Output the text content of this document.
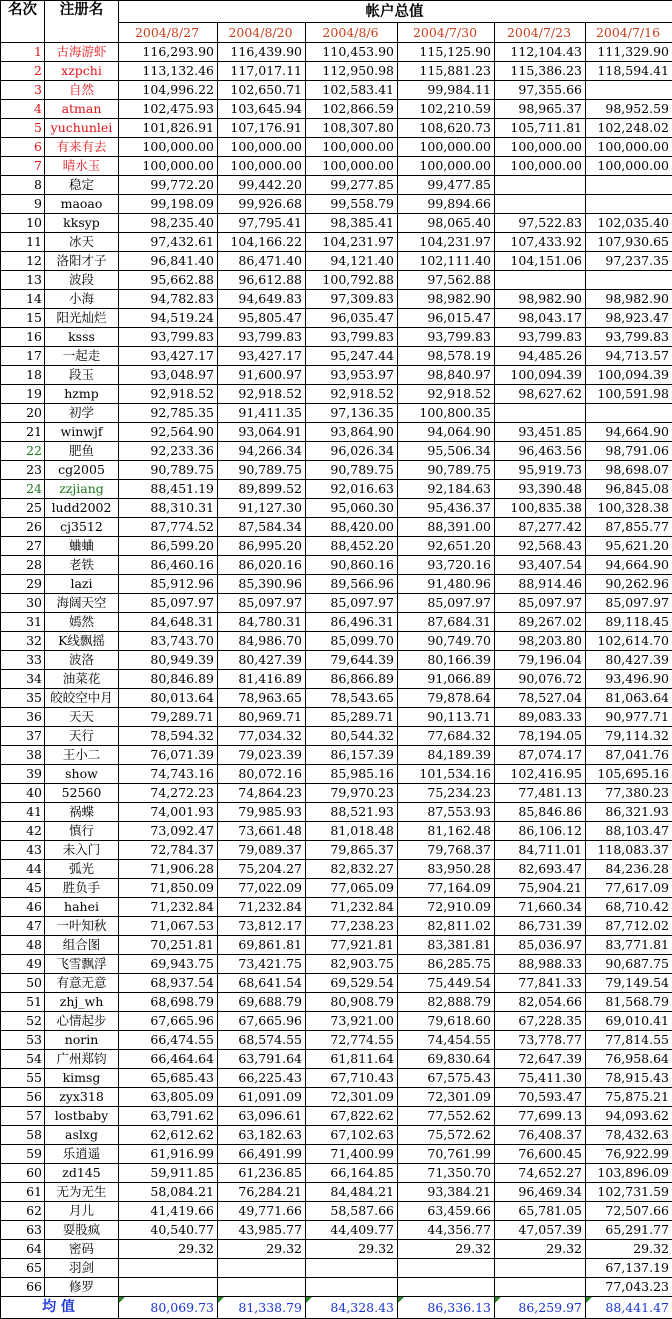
名次	注册名	帐户总值					
		2004/8/27	2004/8/20	2004/8/6	2004/7/30	2004/7/23	2004/7/16
1	古海游虾	116,293.90	116,439.90	110,453.90	115,125.90	112,104.43	111,329.90
2	xzpchi	113,132.46	117,017.11	112,950.98	115,881.23	115,386.23	118,594.41
3	自然	104,996.22	102,650.71	102,583.41	99,984.11	97,355.66	
4	atman	102,475.93	103,645.94	102,866.59	102,210.59	98,965.37	98,952.59
5	yuchunlei	101,826.91	107,176.91	108,307.80	108,620.73	105,711.81	102,248.02
6	有来有去	100,000.00	100,000.00	100,000.00	100,000.00	100,000.00	100,000.00
7	晴水玉	100,000.00	100,000.00	100,000.00	100,000.00	100,000.00	100,000.00
8	稳定	99,772.20	99,442.20	99,277.85	99,477.85		
9	maoao	99,198.09	99,926.68	99,558.79	99,894.66		
10	kksyp	98,235.40	97,795.41	98,385.41	98,065.40	97,522.83	102,035.40
11	冰天	97,432.61	104,166.22	104,231.97	104,231.97	107,433.92	107,930.65
12	洛阳才子	96,841.40	86,471.40	94,121.40	102,111.40	104,151.06	97,237.35
13	波段	95,662.88	96,612.88	100,792.88	97,562.88		
14	小海	94,782.83	94,649.83	97,309.83	98,982.90	98,982.90	98,982.90
15	阳光灿烂	94,519.24	95,805.47	96,035.47	96,015.47	98,043.17	98,923.47
16	ksss	93,799.83	93,799.83	93,799.83	93,799.83	93,799.83	93,799.83
17	一起走	93,427.17	93,427.17	95,247.44	98,578.19	94,485.26	94,713.57
18	段玉	93,048.97	91,600.97	93,953.97	98,840.97	100,094.39	100,094.39
19	hzmp	92,918.52	92,918.52	92,918.52	92,918.52	98,627.62	100,591.98
20	初学	92,785.35	91,411.35	97,136.35	100,800.35		
21	winwjf	92,564.90	93,064.91	93,864.90	94,064.90	93,451.85	94,664.90
22	肥鱼	92,233.36	94,266.34	96,026.34	95,506.34	96,463.56	98,791.06
23	cg2005	90,789.75	90,789.75	90,789.75	90,789.75	95,919.73	98,698.07
24	zzjiang	88,451.19	89,899.52	92,016.63	92,184.63	93,390.48	96,845.08
25	ludd2002	88,310.31	91,127.30	95,060.30	95,436.37	100,835.38	100,328.38
26	cj3512	87,774.52	87,584.34	88,420.00	88,391.00	87,277.42	87,855.77
27	蛐蛐	86,599.20	86,995.20	88,452.20	92,651.20	92,568.43	95,621.20
28	老铁	86,460.16	86,020.16	90,860.16	93,720.16	93,407.54	94,664.90
29	lazi	85,912.96	85,390.96	89,566.96	91,480.96	88,914.46	90,262.96
30	海阔天空	85,097.97	85,097.97	85,097.97	85,097.97	85,097.97	85,097.97
31	嫣然	84,648.31	84,780.31	86,496.31	87,684.31	89,267.02	89,118.45
32	K线飘摇	83,743.70	84,986.70	85,099.70	90,749.70	98,203.80	102,614.70
33	波洛	80,949.39	80,427.39	79,644.39	80,166.39	79,196.04	80,427.39
34	油菜花	80,846.89	81,416.89	86,866.89	91,066.89	90,076.72	93,496.90
35	皎皎空中月	80,013.64	78,963.65	78,543.65	79,878.64	78,527.04	81,063.64
36	天天	79,289.71	80,969.71	85,289.71	90,113.71	89,083.33	90,977.71
37	天行	78,594.32	77,034.32	80,544.32	77,684.32	78,194.05	79,114.32
38	王小二	76,071.39	79,023.39	86,157.39	84,189.39	87,074.17	87,041.76
39	show	74,743.16	80,072.16	85,985.16	101,534.16	102,416.95	105,695.16
40	52560	74,272.23	74,864.23	79,970.23	75,234.23	77,481.13	77,380.23
41	祸蝶	74,001.93	79,985.93	88,521.93	87,553.93	85,846.86	86,321.93
42	慎行	73,092.47	73,661.48	81,018.48	81,162.48	86,106.12	88,103.47
43	未入门	72,784.37	79,089.37	79,865.37	79,768.37	84,711.01	118,083.37
44	弧光	71,906.28	75,204.27	82,832.27	83,950.28	82,693.47	84,236.28
45	胜负手	71,850.09	77,022.09	77,065.09	77,164.09	75,904.21	77,617.09
46	hahei	71,232.84	71,232.84	71,232.84	72,910.09	71,660.34	68,710.42
47	一叶知秋	71,067.53	73,812.17	77,238.23	82,811.02	86,731.39	87,712.02
48	组合图	70,251.81	69,861.81	77,921.81	83,381.81	85,036.97	83,771.81
49	飞雪飘浮	69,943.75	73,421.75	82,903.75	86,285.75	88,988.33	90,687.75
50	有意无意	68,937.54	68,641.54	69,529.54	75,449.54	77,841.33	79,149.54
51	zhj_wh	68,698.79	69,688.79	80,908.79	82,888.79	82,054.66	81,568.79
52	心情起步	67,665.96	67,665.96	73,921.00	79,618.60	67,228.35	69,010.41
53	norin	66,474.55	68,574.55	72,774.55	74,454.55	73,778.77	77,814.55
54	广州郑钧	66,464.64	63,791.64	61,811.64	69,830.64	72,647.39	76,958.64
55	kimsg	65,685.43	66,225.43	67,710.43	67,575.43	75,411.30	78,915.43
56	zyx318	63,805.09	61,091.09	72,301.09	72,301.09	70,593.47	75,875.21
57	lostbaby	63,791.62	63,096.61	67,822.62	77,552.62	77,699.13	94,093.62
58	aslxg	62,612.62	63,182.63	67,102.63	75,572.62	76,408.37	78,432.63
59	乐逍遥	61,916.99	66,491.99	71,400.99	70,761.99	76,600.45	76,922.99
60	zd145	59,911.85	61,236.85	66,164.85	71,350.70	74,652.27	103,896.09
61	无为无生	58,084.21	76,284.21	84,484.21	93,384.21	96,469.34	102,731.59
62	月儿	41,419.66	49,771.66	58,587.66	63,459.66	65,781.05	72,507.66
63	耍股疯	40,540.77	43,985.77	44,409.77	44,356.77	47,057.39	65,291.77
64	密码	29.32	29.32	29.32	29.32	29.32	29.32
65	羽剑						67,137.19
66	修罗						77,043.23
均 值		80,069.73	81,338.79	84,328.43	86,336.13	86,259.97	88,441.47
